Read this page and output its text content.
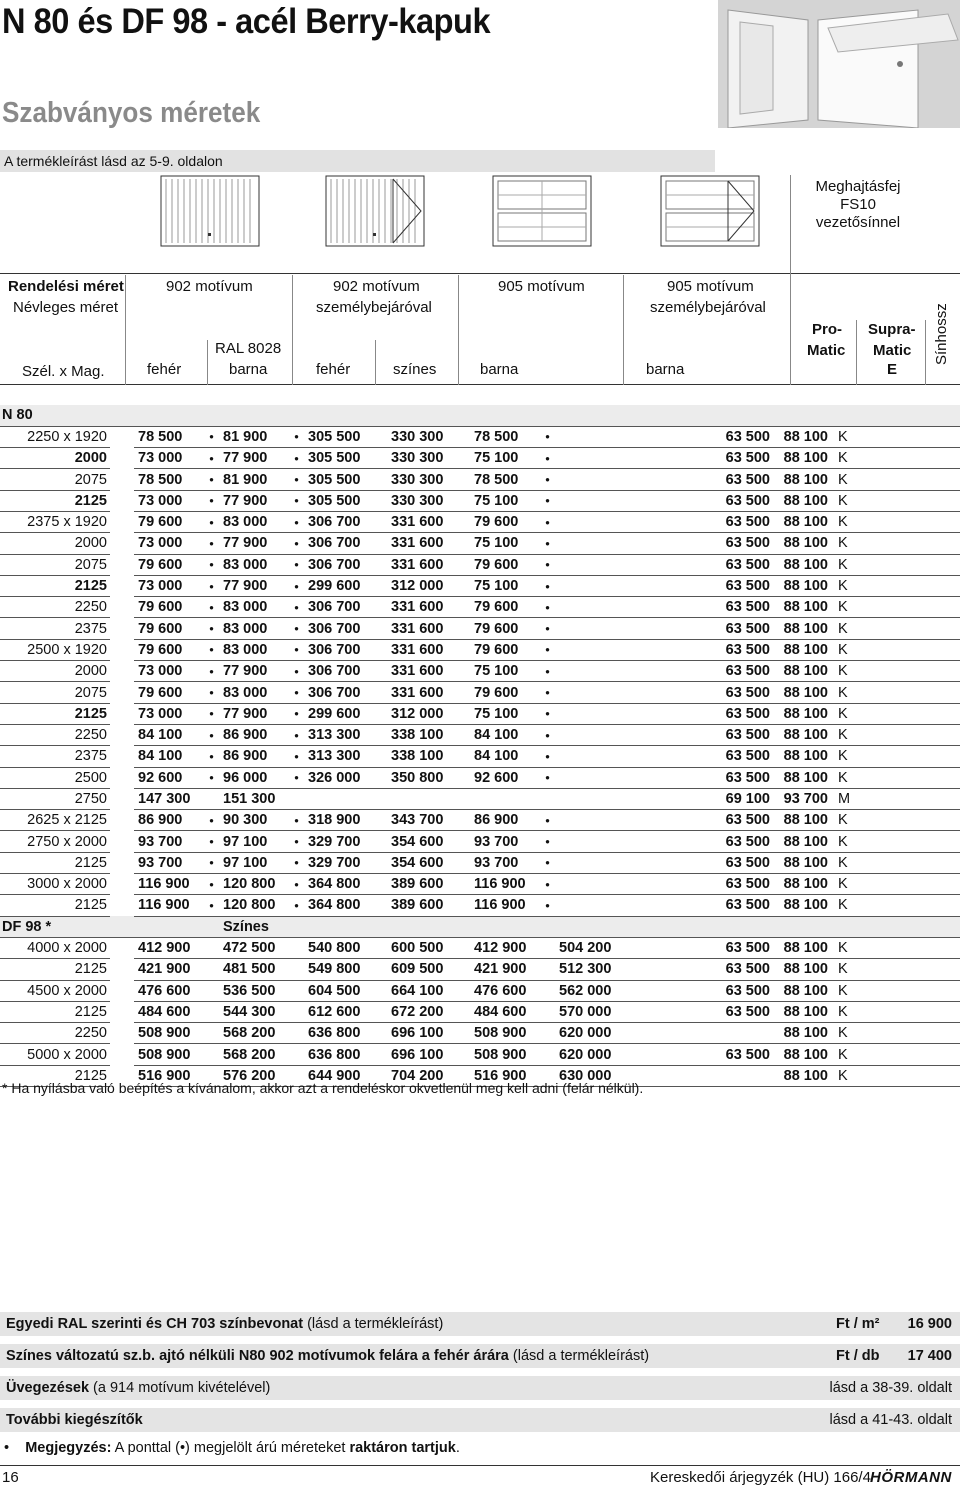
N 80 és DF 98 - acél Berry-kapuk
Szabványos méretek
A termékleírást lásd az 5-9. oldalon
Meghajtásfej
FS10
vezetősínnel
Rendelési méret
Névleges méret
Szél. x Mag.
902 motívum	902 motívum
személybejáróval
905 motívum	905 motívum
személybejáróval
RAL 8028
fehér	barna	fehér	színes	barna	barna
Pro-
Matic
Supra-
Matic
E
Sínhossz
N 80													
2250 x 1920		78 500	●	81 900	●	305 500	330 300	78 500	●		63 500	88 100	K
2000		73 000	●	77 900	●	305 500	330 300	75 100	●		63 500	88 100	K
2075		78 500	●	81 900	●	305 500	330 300	78 500	●		63 500	88 100	K
2125		73 000	●	77 900	●	305 500	330 300	75 100	●		63 500	88 100	K
2375 x 1920		79 600	●	83 000	●	306 700	331 600	79 600	●		63 500	88 100	K
2000		73 000	●	77 900	●	306 700	331 600	75 100	●		63 500	88 100	K
2075		79 600	●	83 000	●	306 700	331 600	79 600	●		63 500	88 100	K
2125		73 000	●	77 900	●	299 600	312 000	75 100	●		63 500	88 100	K
2250		79 600	●	83 000	●	306 700	331 600	79 600	●		63 500	88 100	K
2375		79 600	●	83 000	●	306 700	331 600	79 600	●		63 500	88 100	K
2500 x 1920		79 600	●	83 000	●	306 700	331 600	79 600	●		63 500	88 100	K
2000		73 000	●	77 900	●	306 700	331 600	75 100	●		63 500	88 100	K
2075		79 600	●	83 000	●	306 700	331 600	79 600	●		63 500	88 100	K
2125		73 000	●	77 900	●	299 600	312 000	75 100	●		63 500	88 100	K
2250		84 100	●	86 900	●	313 300	338 100	84 100	●		63 500	88 100	K
2375		84 100	●	86 900	●	313 300	338 100	84 100	●		63 500	88 100	K
2500		92 600	●	96 000	●	326 000	350 800	92 600	●		63 500	88 100	K
2750		147 300		151 300							69 100	93 700	M
2625 x 2125		86 900	●	90 300	●	318 900	343 700	86 900	●		63 500	88 100	K
2750 x 2000		93 700	●	97 100	●	329 700	354 600	93 700	●		63 500	88 100	K
2125		93 700	●	97 100	●	329 700	354 600	93 700	●		63 500	88 100	K
3000 x 2000		116 900	●	120 800	●	364 800	389 600	116 900	●		63 500	88 100	K
2125		116 900	●	120 800	●	364 800	389 600	116 900	●		63 500	88 100	K
DF 98 *				Színes									
4000 x 2000		412 900		472 500		540 800	600 500	412 900		504 200	63 500	88 100	K
2125		421 900		481 500		549 800	609 500	421 900		512 300	63 500	88 100	K
4500 x 2000		476 600		536 500		604 500	664 100	476 600		562 000	63 500	88 100	K
2125		484 600		544 300		612 600	672 200	484 600		570 000	63 500	88 100	K
2250		508 900		568 200		636 800	696 100	508 900		620 000		88 100	K
5000 x 2000		508 900		568 200		636 800	696 100	508 900		620 000	63 500	88 100	K
2125		516 900		576 200		644 900	704 200	516 900		630 000		88 100	K
* Ha nyílásba való beépítés a kívánalom, akkor azt a rendeléskor okvetlenül meg kell adni (felár nélkül).
Egyedi RAL szerinti és CH 703 színbevonat (lásd a termékleírást)	Ft / m² 16 900
Színes változatú sz.b. ajtó nélküli N80 902 motívumok felára a fehér árára (lásd a termékleírást)	Ft / db 17 400
Üvegezések (a 914 motívum kivételével)	lásd a 38-39. oldalt
További kiegészítők	lásd a 41-43. oldalt
• Megjegyzés: A ponttal (•) megjelölt árú méreteket raktáron tartjuk.
16	Kereskedői árjegyzék (HU) 166/4 HÖRMANN
